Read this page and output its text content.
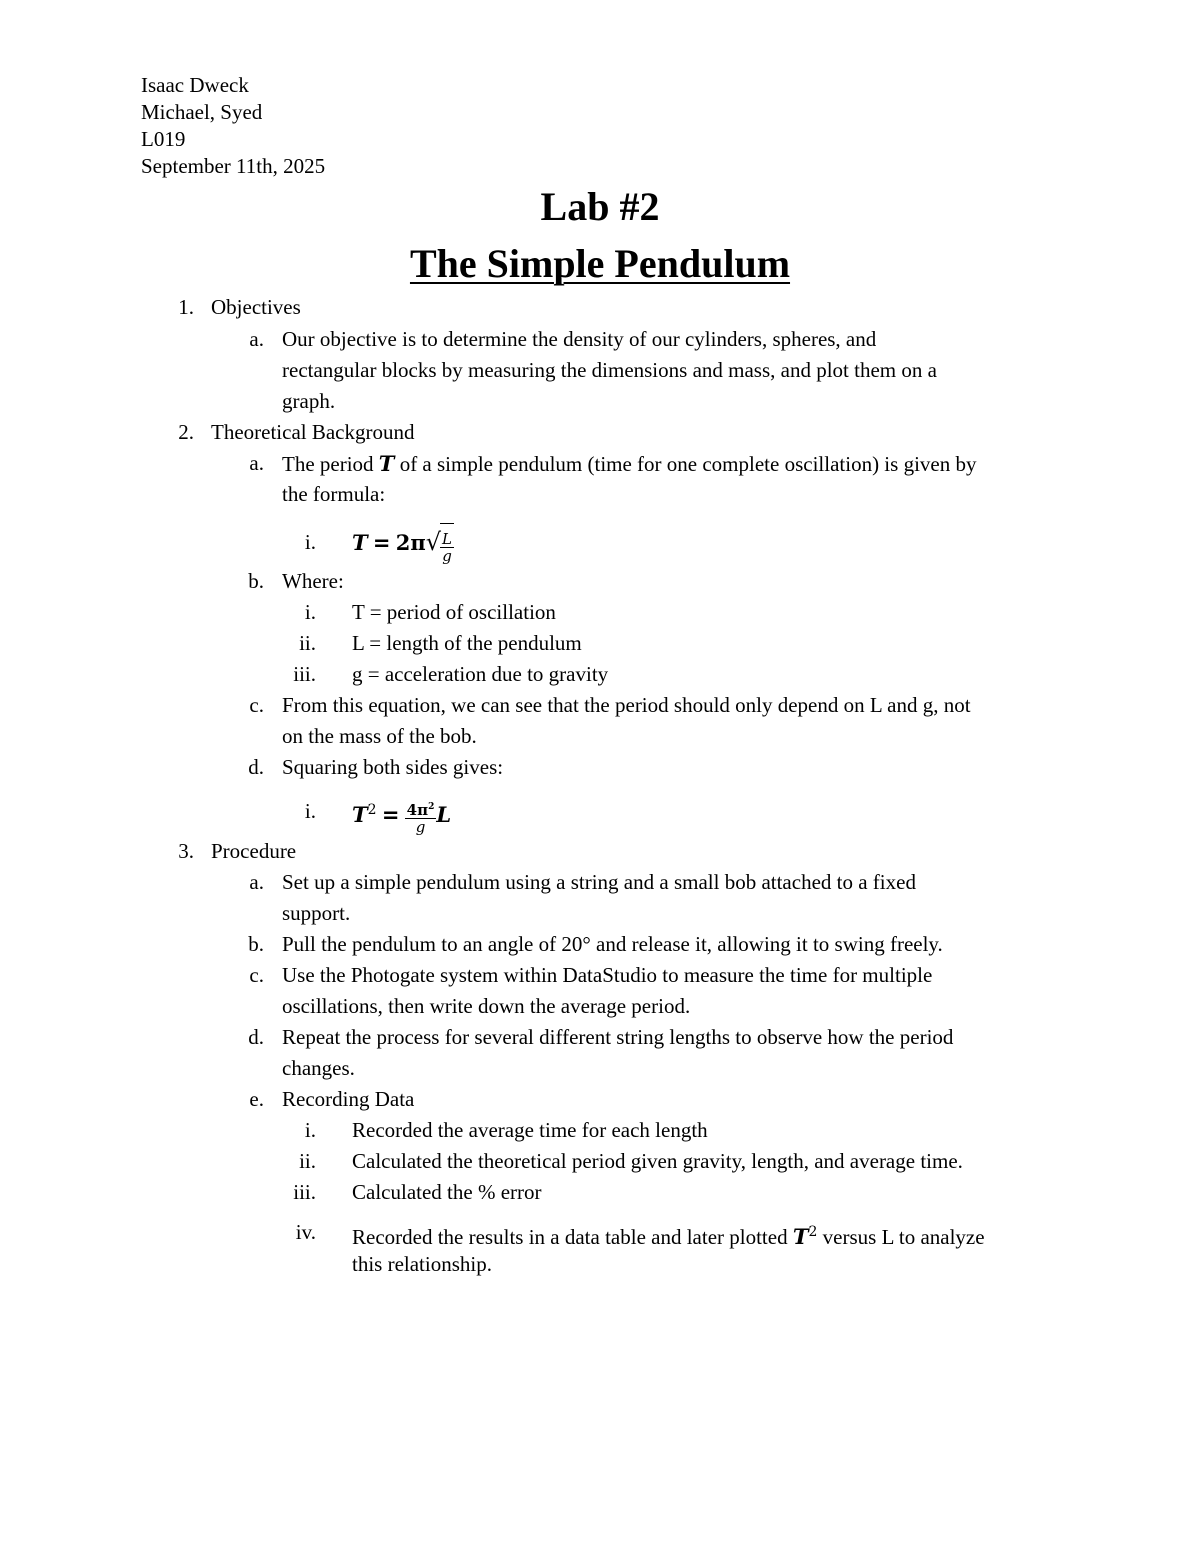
Isaac Dweck
Michael, Syed
L019
September 11th, 2025
Lab #2
The Simple Pendulum
1. Objectives
a. Our objective is to determine the density of our cylinders, spheres, and
rectangular blocks by measuring the dimensions and mass, and plot them on a
graph.
2. Theoretical Background
a. The period T of a simple pendulum (time for one complete oscillation) is given by
the formula:
i. $T = 2\pi√ \frac{L}{g}$
b. Where:
i. T = period of oscillation
ii. L = length of the pendulum
iii. g = acceleration due to gravity
c. From this equation, we can see that the period should only depend on L and g, not
on the mass of the bob.
d. Squaring both sides gives:
i. $T^2 = \frac{4\pi^2}{g}$ L
3. Procedure
a. Set up a simple pendulum using a string and a small bob attached to a fixed
support.
b. Pull the pendulum to an angle of 20° and release it, allowing it to swing freely.
c. Use the Photogate system within DataStudio to measure the time for multiple
oscillations, then write down the average period.
d. Repeat the process for several different string lengths to observe how the period
changes.
e. Recording Data
i. Recorded the average time for each length
ii. Calculated the theoretical period given gravity, length, and average time.
iii. Calculated the % error
iv. Recorded the results in a data table and later plotted $T^2$ versus L to analyze
this relationship.
